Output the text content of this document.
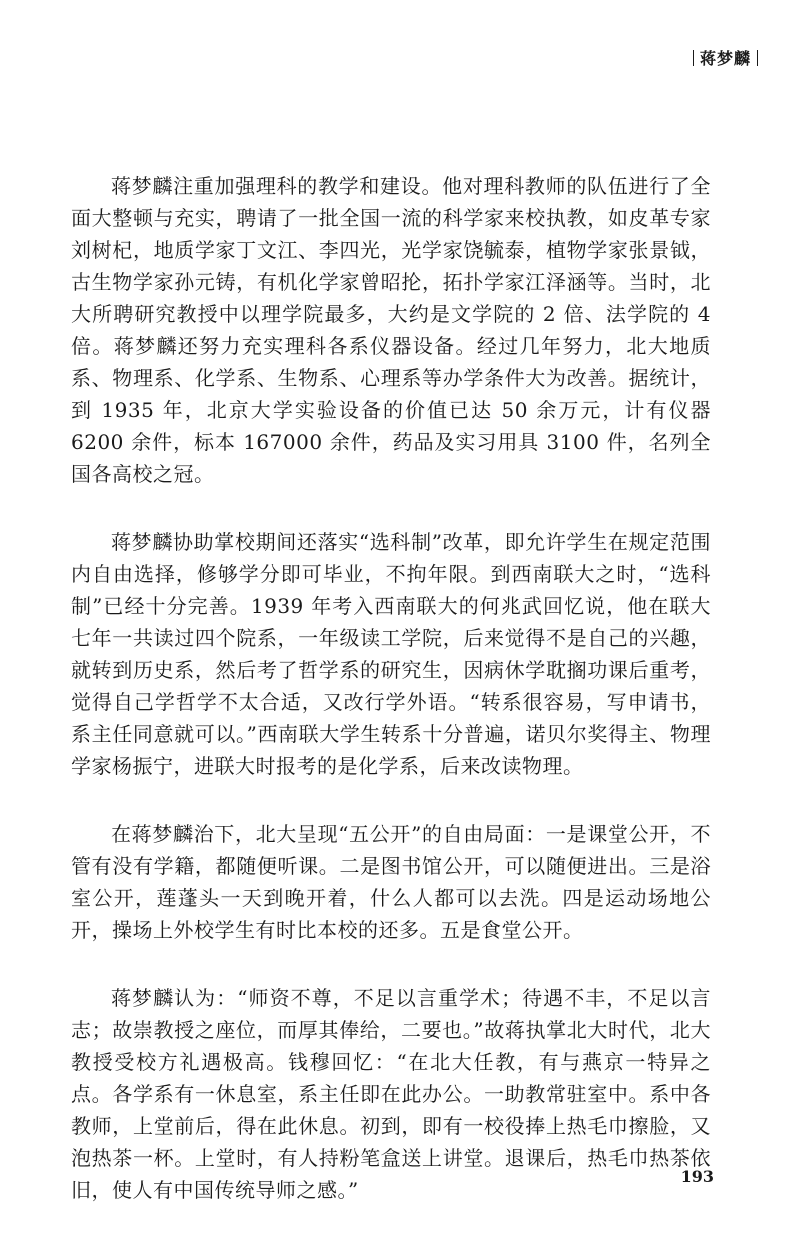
蒋梦麟

蒋梦麟注重加强理科的教学和建设。他对理科教师的队伍进行了全面大整顿与充实，聘请了一批全国一流的科学家来校执教，如皮革专家刘树杞，地质学家丁文江、李四光，光学家饶毓泰，植物学家张景钺，古生物学家孙元铸，有机化学家曾昭抡，拓扑学家江泽涵等。当时，北大所聘研究教授中以理学院最多，大约是文学院的 2 倍、法学院的 4 倍。蒋梦麟还努力充实理科各系仪器设备。经过几年努力，北大地质系、物理系、化学系、生物系、心理系等办学条件大为改善。据统计，到 1935 年，北京大学实验设备的价值已达 50 余万元，计有仪器 6200 余件，标本 167000 余件，药品及实习用具 3100 件，名列全国各高校之冠。

蒋梦麟协助掌校期间还落实“选科制”改革，即允许学生在规定范围内自由选择，修够学分即可毕业，不拘年限。到西南联大之时，“选科制”已经十分完善。1939 年考入西南联大的何兆武回忆说，他在联大七年一共读过四个院系，一年级读工学院，后来觉得不是自己的兴趣，就转到历史系，然后考了哲学系的研究生，因病休学耽搁功课后重考，觉得自己学哲学不太合适，又改行学外语。“转系很容易，写申请书，系主任同意就可以。”西南联大学生转系十分普遍，诺贝尔奖得主、物理学家杨振宁，进联大时报考的是化学系，后来改读物理。

在蒋梦麟治下，北大呈现“五公开”的自由局面：一是课堂公开，不管有没有学籍，都随便听课。二是图书馆公开，可以随便进出。三是浴室公开，莲蓬头一天到晚开着，什么人都可以去洗。四是运动场地公开，操场上外校学生有时比本校的还多。五是食堂公开。

蒋梦麟认为：“师资不尊，不足以言重学术；待遇不丰，不足以言志；故崇教授之座位，而厚其俸给，二要也。”故蒋执掌北大时代，北大教授受校方礼遇极高。钱穆回忆：“在北大任教，有与燕京一特异之点。各学系有一休息室，系主任即在此办公。一助教常驻室中。系中各教师，上堂前后，得在此休息。初到，即有一校役捧上热毛巾擦脸，又泡热茶一杯。上堂时，有人持粉笔盒送上讲堂。退课后，热毛巾热茶依旧，使人有中国传统导师之感。”

193
